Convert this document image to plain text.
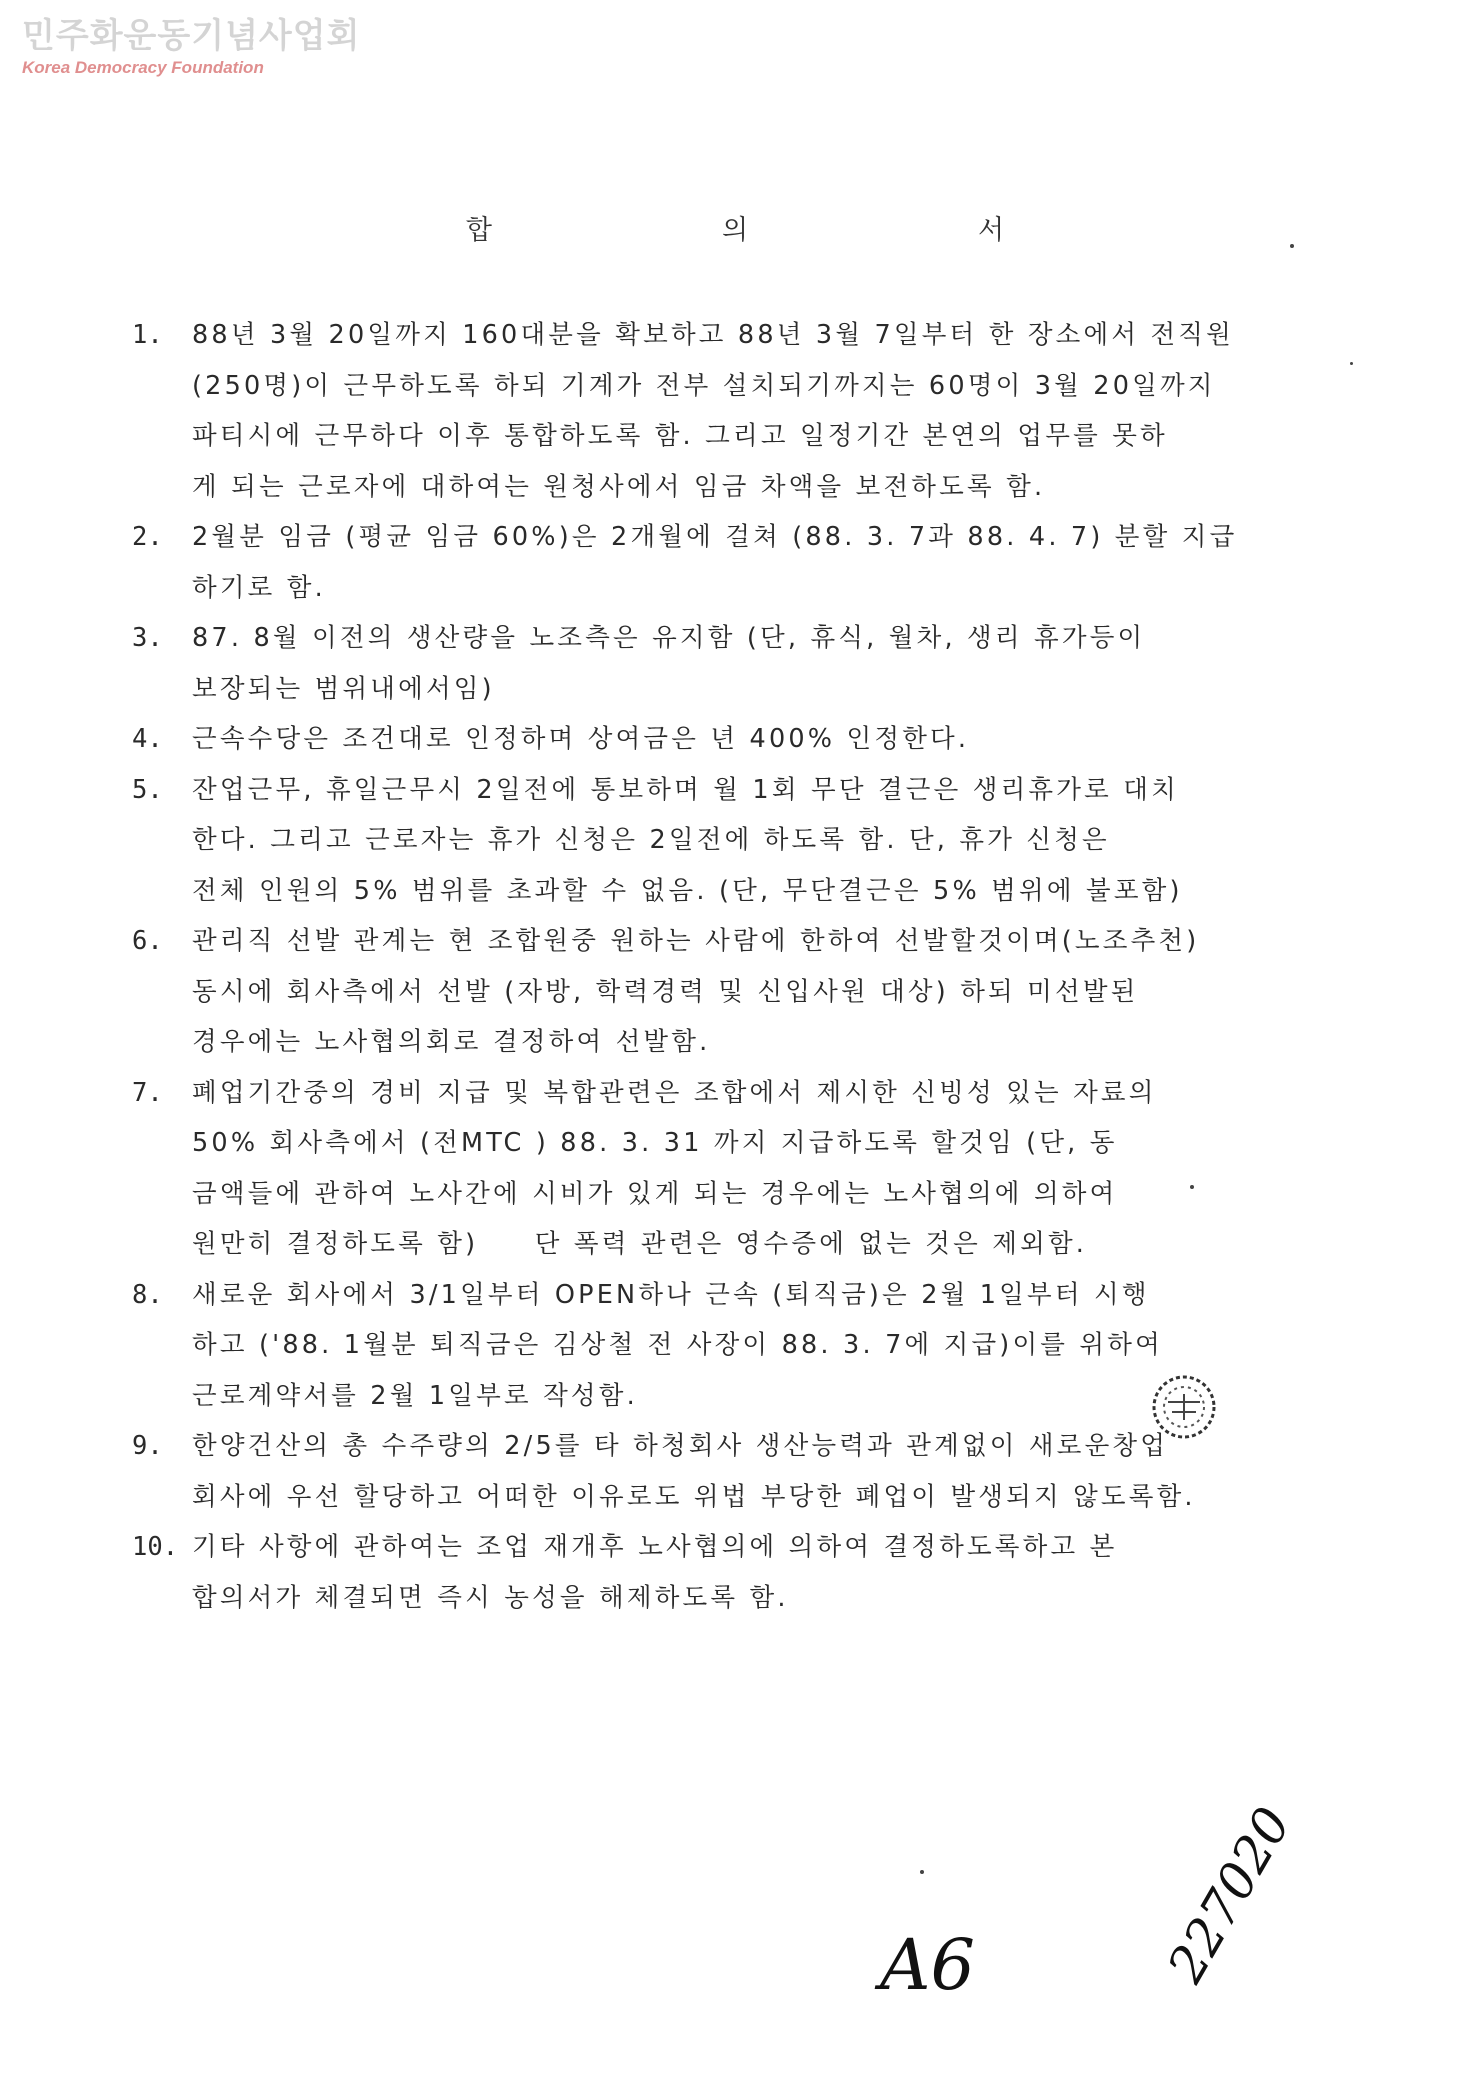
민주화운동기념사업회
Korea Democracy Foundation
합	의	서
1.	88년 3월 20일까지 160대분을 확보하고 88년 3월 7일부터 한 장소에서 전직원
(250명)이 근무하도록 하되 기계가 전부 설치되기까지는 60명이 3월 20일까지
파티시에 근무하다 이후 통합하도록 함. 그리고 일정기간 본연의 업무를 못하
게 되는 근로자에 대하여는 원청사에서 임금 차액을 보전하도록 함.
2.	2월분 임금 (평균 임금 60%)은 2개월에 걸쳐 (88. 3. 7과 88. 4. 7) 분할 지급
하기로 함.
3.	87. 8월 이전의 생산량을 노조측은 유지함 (단, 휴식, 월차, 생리 휴가등이
보장되는 범위내에서임)
4.	근속수당은 조건대로 인정하며 상여금은 년 400% 인정한다.
5.	잔업근무, 휴일근무시 2일전에 통보하며 월 1회 무단 결근은 생리휴가로 대치
한다. 그리고 근로자는 휴가 신청은 2일전에 하도록 함. 단, 휴가 신청은
전체 인원의 5% 범위를 초과할 수 없음. (단, 무단결근은 5% 범위에 불포함)
6.	관리직 선발 관계는 현 조합원중 원하는 사람에 한하여 선발할것이며(노조추천)
동시에 회사측에서 선발 (자방, 학력경력 및 신입사원 대상) 하되 미선발된
경우에는 노사협의회로 결정하여 선발함.
7.	폐업기간중의 경비 지급 및 복합관련은 조합에서 제시한 신빙성 있는 자료의
50% 회사측에서 (전MTC ) 88. 3. 31 까지 지급하도록 할것임 (단, 동
금액들에 관하여 노사간에 시비가 있게 되는 경우에는 노사협의에 의하여
원만히 결정하도록 함)     단 폭력 관련은 영수증에 없는 것은 제외함.
8.	새로운 회사에서 3/1일부터 OPEN하나 근속 (퇴직금)은 2월 1일부터 시행
하고 ('88. 1월분 퇴직금은 김상철 전 사장이 88. 3. 7에 지급)이를 위하여
근로계약서를 2월 1일부로 작성함.
9.	한양건산의 총 수주량의 2/5를 타 하청회사 생산능력과 관계없이 새로운창업
회사에 우선 할당하고 어떠한 이유로도 위법 부당한 폐업이 발생되지 않도록함.
10. 기타 사항에 관하여는 조업 재개후 노사협의에 의하여 결정하도록하고 본
합의서가 체결되면 즉시 농성을 해제하도록 함.
A6	227020
